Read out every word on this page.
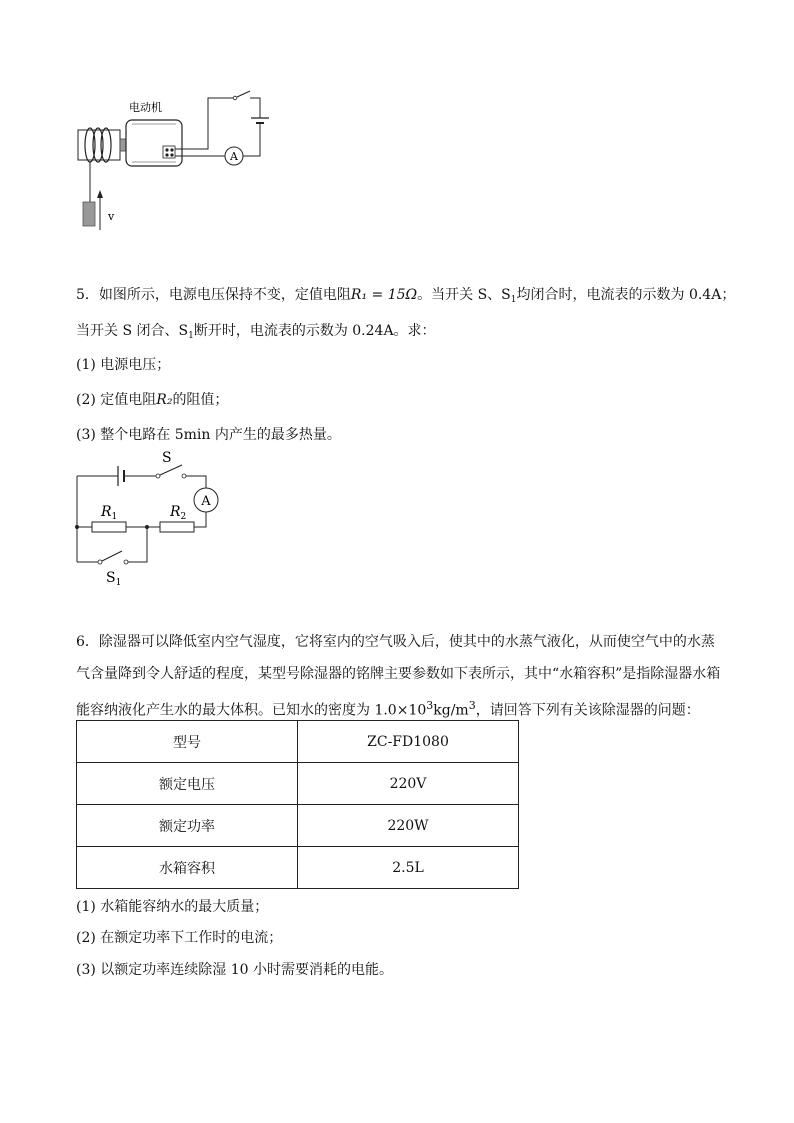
A
v
电动机
5．如图所示，电源电压保持不变，定值电阻R₁ = 15Ω。当开关 S、$S_1$均闭合时，电流表的示数为 0.4A；
当开关 S 闭合、$S_1$断开时，电流表的示数为 0.24A。求：
(1) 电源电压；
(2) 定值电阻R₂的阻值；
(3) 整个电路在 5min 内产生的最多热量。
A
S
$R_1$	$R_2$
$S_1$
6．除湿器可以降低室内空气湿度，它将室内的空气吸入后，使其中的水蒸气液化，从而使空气中的水蒸
气含量降到令人舒适的程度，某型号除湿器的铭牌主要参数如下表所示，其中“水箱容积”是指除湿器水箱
能容纳液化产生水的最大体积。已知水的密度为 $1.0\times 10^3kg/m^3$，请回答下列有关该除湿器的问题：
型号	ZC-FD1080
额定电压	220V
额定功率	220W
水箱容积	2.5L
(1) 水箱能容纳水的最大质量；
(2) 在额定功率下工作时的电流；
(3) 以额定功率连续除湿 10 小时需要消耗的电能。
